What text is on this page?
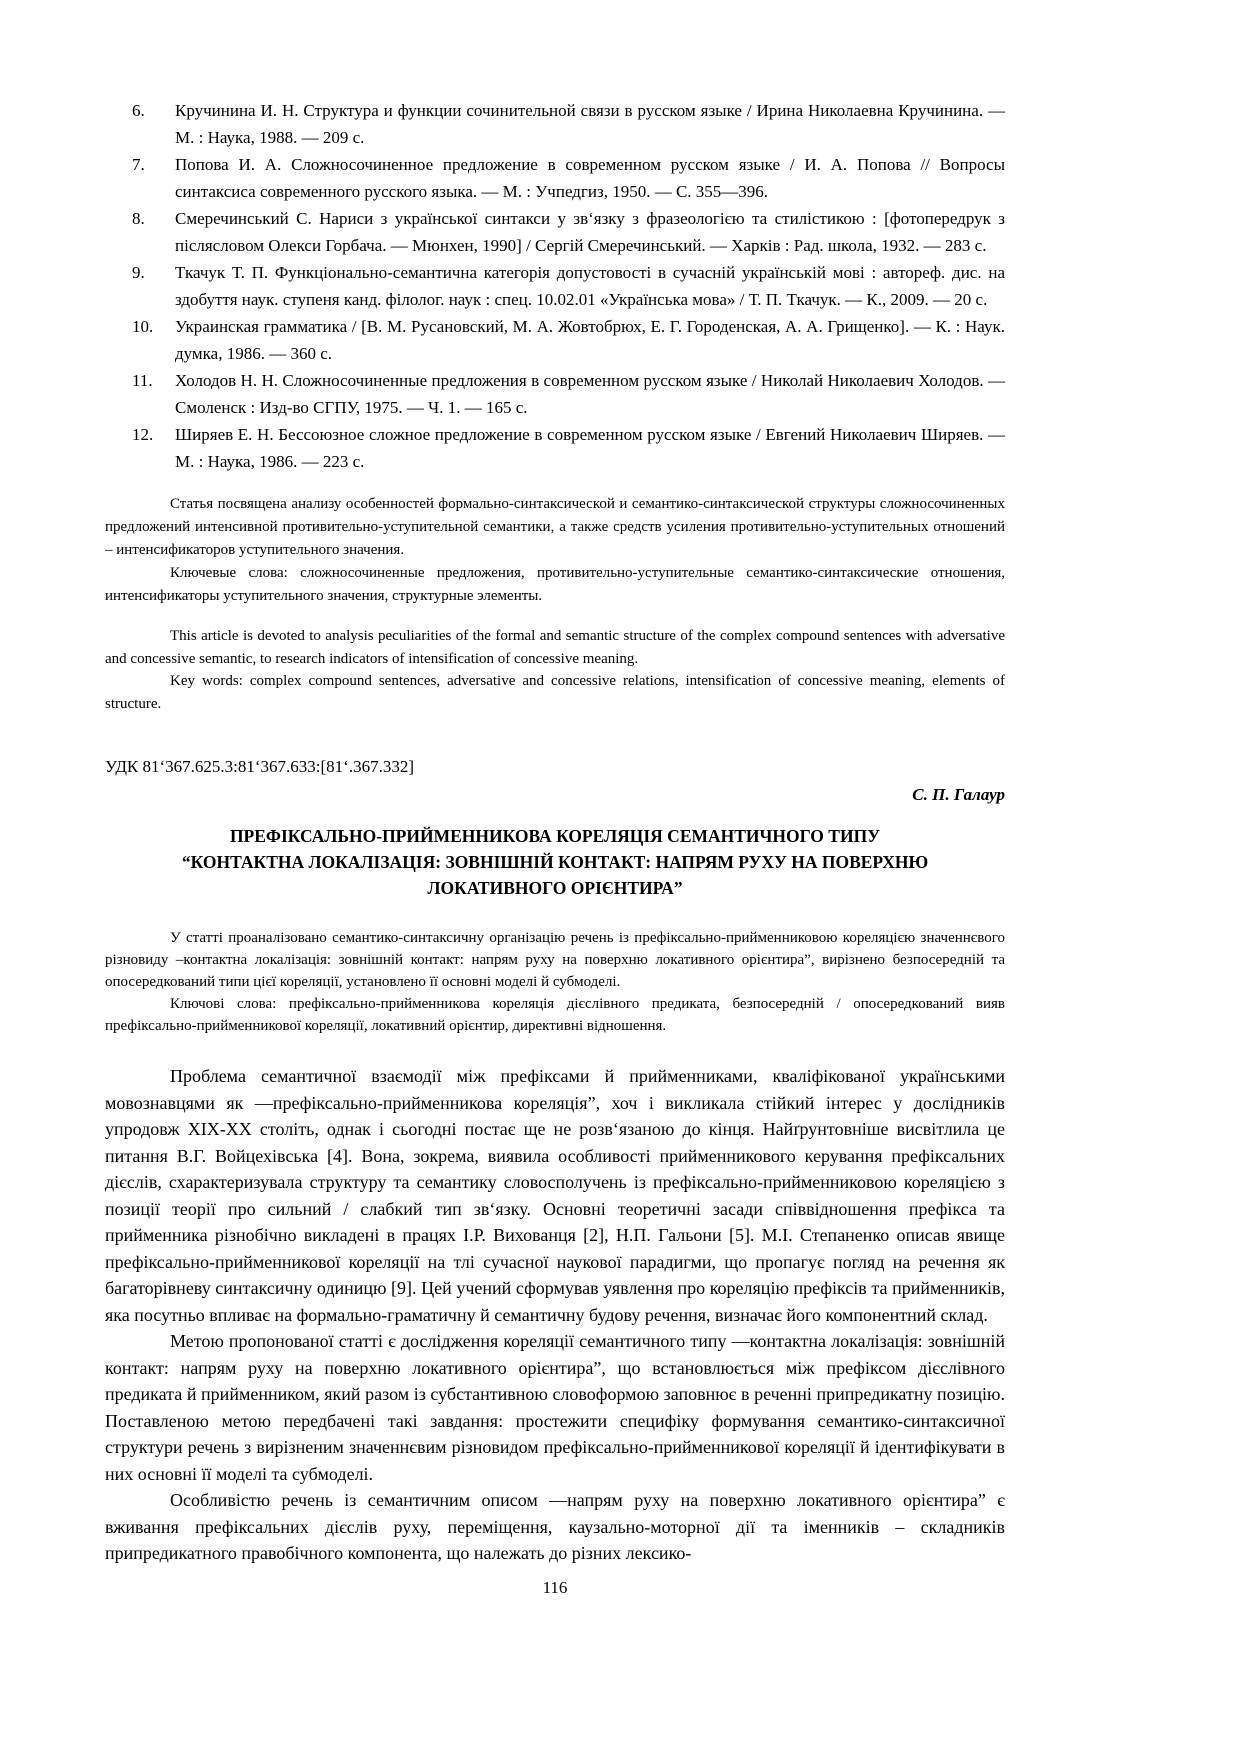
6.	Кручинина И. Н. Структура и функции сочинительной связи в русском языке / Ирина Николаевна Кручинина. — М. : Наука, 1988. — 209 с.
7.	Попова И. А. Сложносочиненное предложение в современном русском языке / И. А. Попова // Вопросы синтаксиса современного русского языка. — М. : Учпедгиз, 1950. — С. 355—396.
8.	Смеречинський С. Нариси з української синтакси у зв‘язку з фразеологією та стилістикою : [фотопередрук з післясловом Олекси Горбача. — Мюнхен, 1990] / Сергій Смеречинський. — Харків : Рад. школа, 1932. — 283 с.
9.	Ткачук Т. П. Функціонально-семантична категорія допустовості в сучасній українській мові : автореф. дис. на здобуття наук. ступеня канд. філолог. наук : спец. 10.02.01 «Українська мова» / Т. П. Ткачук. — К., 2009. — 20 с.
10.	Украинская грамматика / [В. М. Русановский, М. А. Жовтобрюх, Е. Г. Городенская, А. А. Грищенко]. — К. : Наук. думка, 1986. — 360 с.
11.	Холодов Н. Н. Сложносочиненные предложения в современном русском языке / Николай Николаевич Холодов. — Смоленск : Изд-во СГПУ, 1975. — Ч. 1. — 165 с.
12.	Ширяев Е. Н. Бессоюзное сложное предложение в современном русском языке / Евгений Николаевич Ширяев. — М. : Наука, 1986. — 223 с.

Статья посвящена анализу особенностей формально-синтаксической и семантико-синтаксической структуры сложносочиненных предложений интенсивной противительно-уступительной семантики, а также средств усиления противительно-уступительных отношений – интенсификаторов уступительного значения.

Ключевые слова: сложносочиненные предложения, противительно-уступительные семантико-синтаксические отношения, интенсификаторы уступительного значения, структурные элементы.

This article is devoted to analysis peculiarities of the formal and semantic structure of the complex compound sentences with adversative and concessive semantic, to research indicators of intensification of concessive meaning.

Key words: complex compound sentences, adversative and concessive relations, intensification of concessive meaning, elements of structure.

УДК 81‘367.625.3:81‘367.633:[81‘.367.332]
С. П. Галаур
ПРЕФІКСАЛЬНО-ПРИЙМЕННИКОВА КОРЕЛЯЦІЯ СЕМАНТИЧНОГО ТИПУ
“КОНТАКТНА ЛОКАЛІЗАЦІЯ: ЗОВНІШНІЙ КОНТАКТ: НАПРЯМ РУХУ НА ПОВЕРХНЮ
ЛОКАТИВНОГО ОРІЄНТИРА”

У статті проаналізовано семантико-синтаксичну організацію речень із префіксально-прийменниковою кореляцією значеннєвого різновиду –контактна локалізація: зовнішній контакт: напрям руху на поверхню локативного орієнтира”, вирізнено безпосередній та опосередкований типи цієї кореляції, установлено її основні моделі й субмоделі.

Ключові слова: префіксально-прийменникова кореляція дієслівного предиката, безпосередній / опосередкований вияв префіксально-прийменникової кореляції, локативний орієнтир, директивні відношення.

Проблема семантичної взаємодії між префіксами й прийменниками, кваліфікованої українськими мовознавцями як —префіксально-прийменникова кореляція”, хоч і викликала стійкий інтерес у дослідників упродовж ХІХ-ХХ століть, однак і сьогодні постає ще не розв‘язаною до кінця. Найґрунтовніше висвітлила це питання В.Г. Войцехівська [4]. Вона, зокрема, виявила особливості прийменникового керування префіксальних дієслів, схарактеризувала структуру та семантику словосполучень із префіксально-прийменниковою кореляцією з позиції теорії про сильний / слабкий тип зв‘язку. Основні теоретичні засади співвідношення префікса та прийменника різнобічно викладені в працях І.Р. Вихованця [2], Н.П. Гальони [5]. М.І. Степаненко описав явище префіксально-прийменникової кореляції на тлі сучасної наукової парадигми, що пропагує погляд на речення як багаторівневу синтаксичну одиницю [9]. Цей учений сформував уявлення про кореляцію префіксів та прийменників, яка посутньо впливає на формально-граматичну й семантичну будову речення, визначає його компонентний склад.

Метою пропонованої статті є дослідження кореляції семантичного типу —контактна локалізація: зовнішній контакт: напрям руху на поверхню локативного орієнтира”, що встановлюється між префіксом дієслівного предиката й прийменником, який разом із субстантивною словоформою заповнює в реченні припредикатну позицію. Поставленою метою передбачені такі завдання: простежити специфіку формування семантико-синтаксичної структури речень з вирізненим значеннєвим різновидом префіксально-прийменникової кореляції й ідентифікувати в них основні її моделі та субмоделі.

Особливістю речень із семантичним описом —напрям руху на поверхню локативного орієнтира” є вживання префіксальних дієслів руху, переміщення, каузально-моторної дії та іменників – складників припредикатного правобічного компонента, що належать до різних лексико-

116
